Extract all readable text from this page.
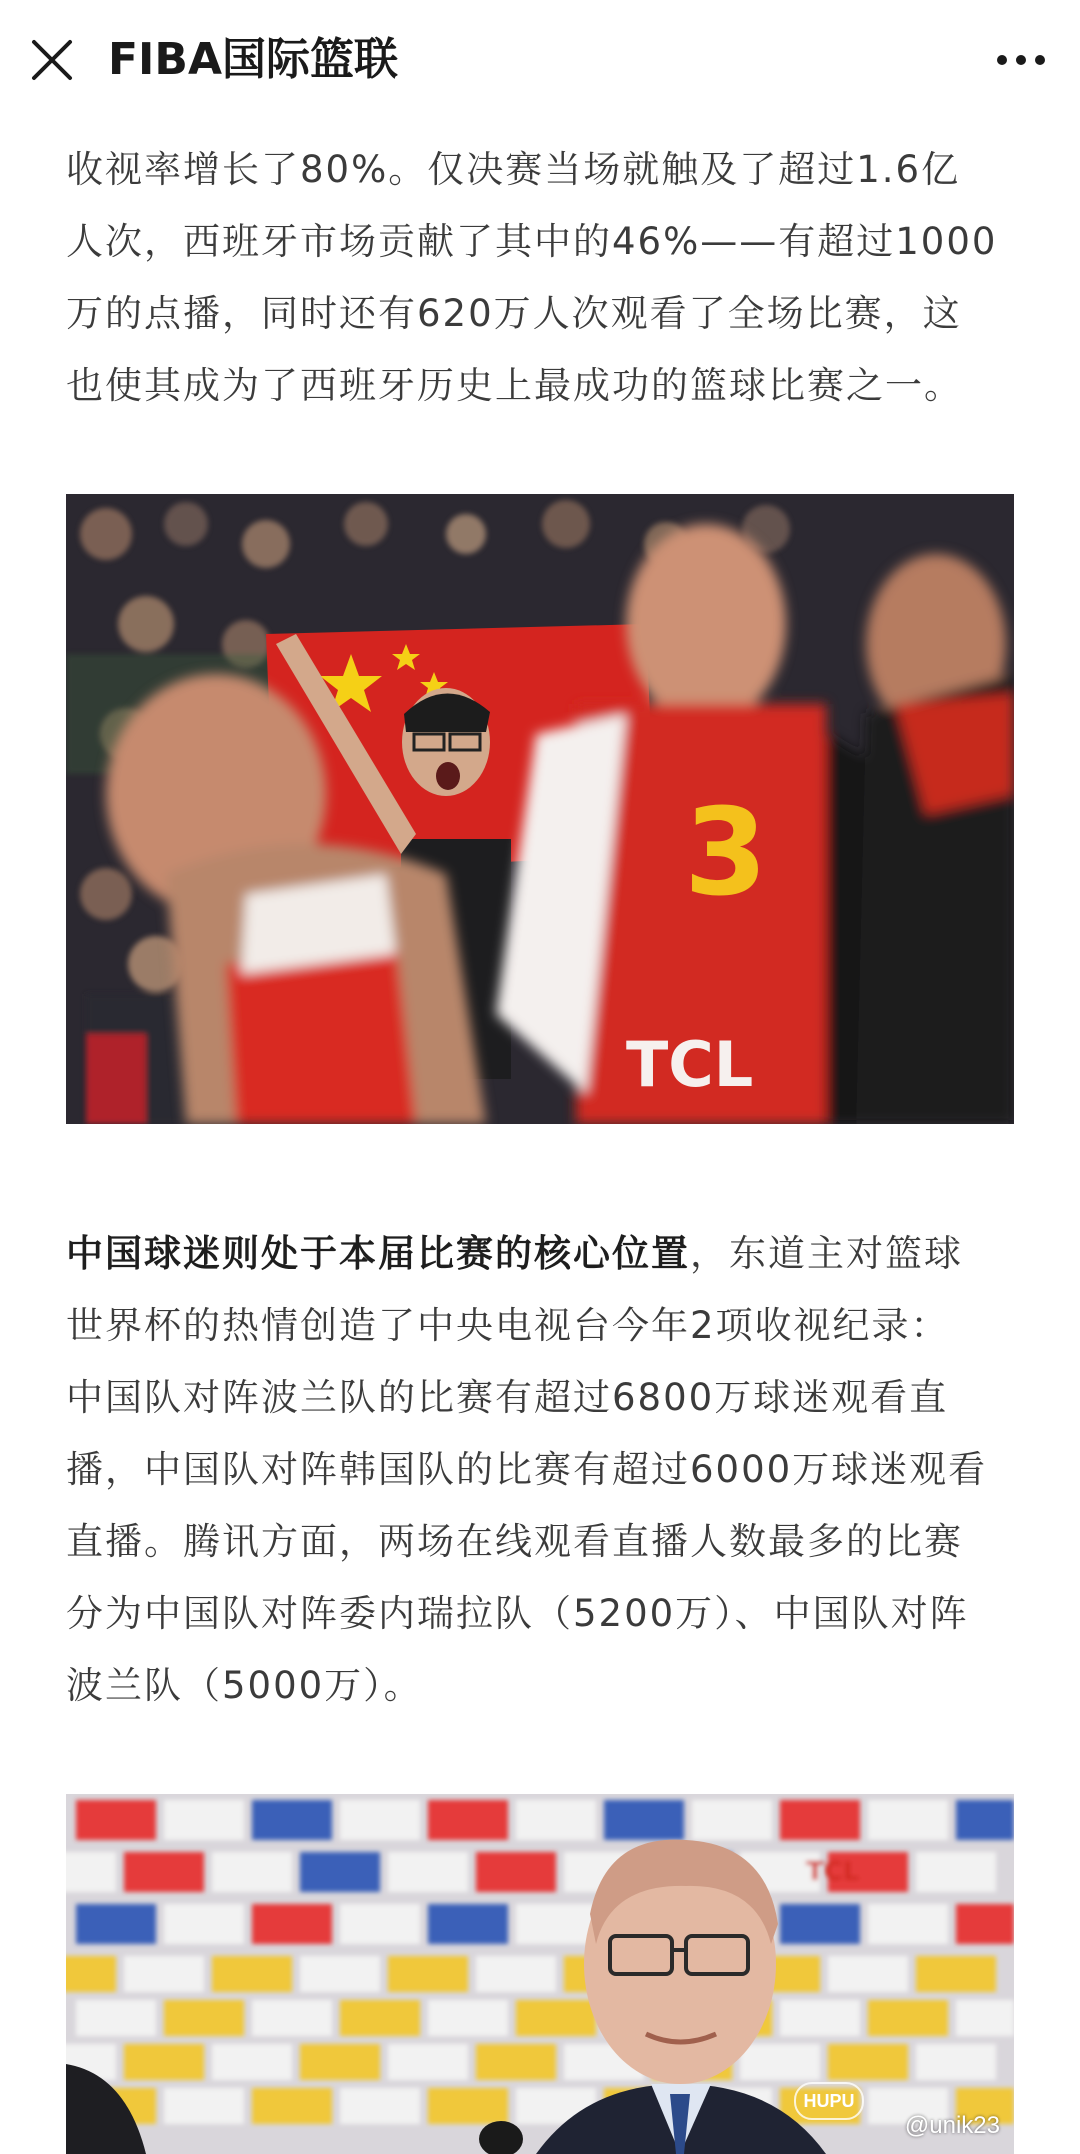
FIBA国际篮联
收视率增长了80%。仅决赛当场就触及了超过1.6亿
人次，西班牙市场贡献了其中的46%——有超过1000
万的点播，同时还有620万人次观看了全场比赛，这
也使其成为了西班牙历史上最成功的篮球比赛之一。
3
TCL
中国球迷则处于本届比赛的核心位置，东道主对篮球
世界杯的热情创造了中央电视台今年2项收视纪录：
中国队对阵波兰队的比赛有超过6800万球迷观看直
播，中国队对阵韩国队的比赛有超过6000万球迷观看
直播。腾讯方面，两场在线观看直播人数最多的比赛
分为中国队对阵委内瑞拉队（5200万）、中国队对阵
波兰队（5000万）。
TCL
HUPU
@unik23
